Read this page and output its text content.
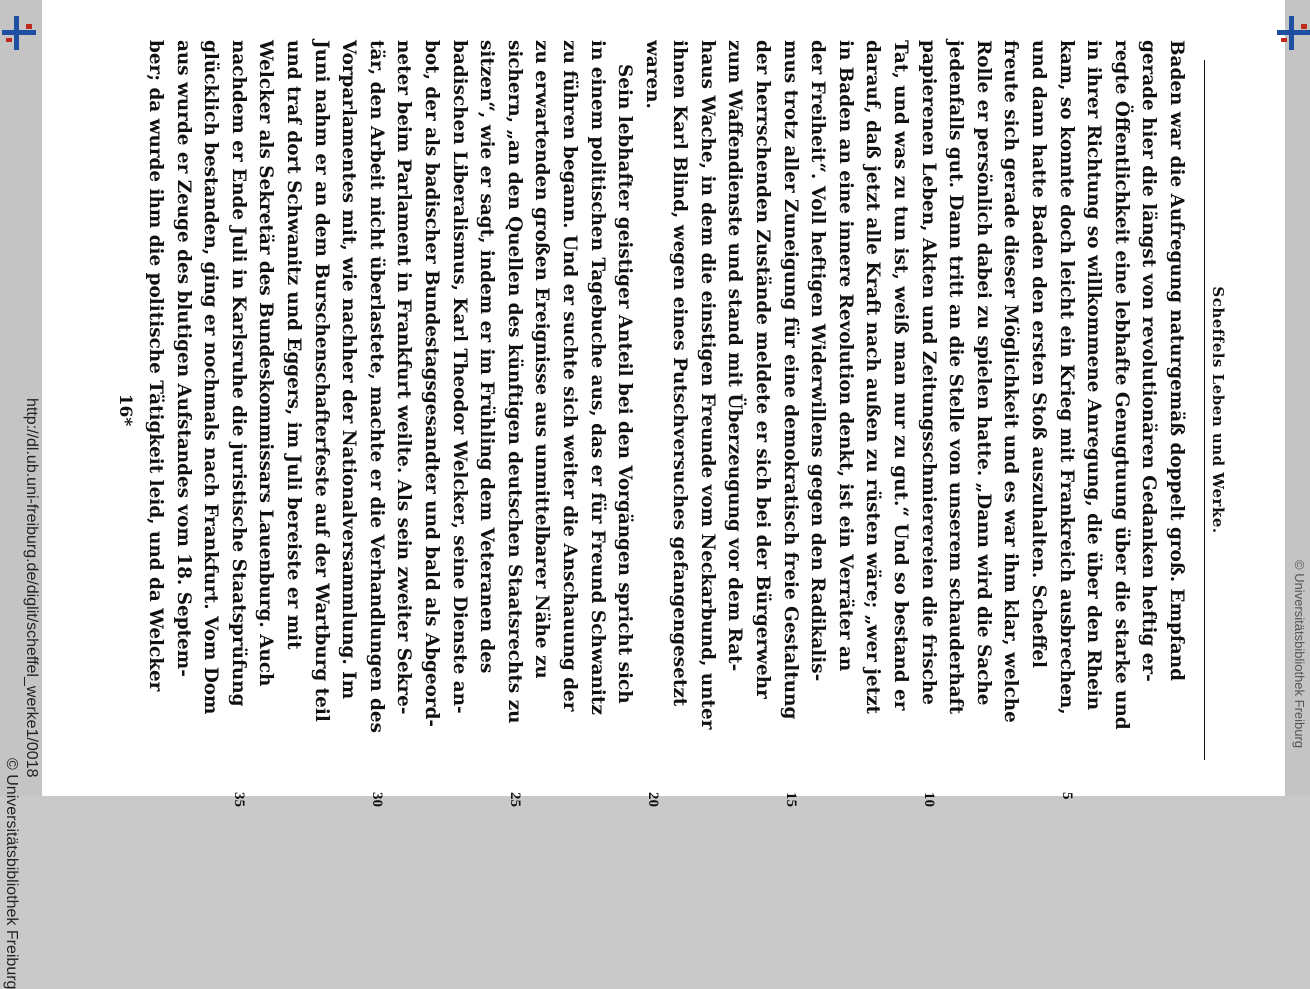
http://dl.ub.uni-freiburg.de/diglit/scheffel_werke1/0018
© Universitätsbibliothek Freiburg
© Universitätsbibliothek Freiburg
Scheffels Leben und Werke.
Baden war die Aufregung naturgemäß doppelt groß. Empfand
gerade hier die längst von revolutionären Gedanken heftig er-
regte Öffentlichkeit eine lebhafte Genugtuung über die starke und
in ihrer Richtung so willkommene Anregung, die über den Rhein
kam, so konnte doch leicht ein Krieg mit Frankreich ausbrechen,
5
und dann hatte Baden den ersten Stoß auszuhalten. Scheffel
freute sich gerade dieser Möglichkeit und es war ihm klar, welche
Rolle er persönlich dabei zu spielen hatte. „Dann wird die Sache
jedenfalls gut. Dann tritt an die Stelle von unserem schauderhaft
papierenen Leben, Akten und Zeitungsschmierereien die frische
10
Tat, und was zu tun ist, weiß man nur zu gut.“ Und so bestand er
darauf, daß jetzt alle Kraft nach außen zu rüsten wäre; „wer jetzt
in Baden an eine innere Revolution denkt, ist ein Verräter an
der Freiheit“. Voll heftigen Widerwillens gegen den Radikalis-
mus trotz aller Zuneigung für eine demokratisch freie Gestaltung
15
der herrschenden Zustände meldete er sich bei der Bürgerwehr
zum Waffendienste und stand mit Überzeugung vor dem Rat-
haus Wache, in dem die einstigen Freunde vom Neckarbund, unter
ihnen Karl Blind, wegen eines Putschversuches gefangengesetzt
waren.
20
Sein lebhafter geistiger Anteil bei den Vorgängen spricht sich
in einem politischen Tagebuche aus, das er für Freund Schwanitz
zu führen begann. Und er suchte sich weiter die Anschauung der
zu erwartenden großen Ereignisse aus unmittelbarer Nähe zu
sichern, „an den Quellen des künftigen deutschen Staatsrechts zu
25
sitzen“, wie er sagt, indem er im Frühling dem Veteranen des
badischen Liberalismus, Karl Theodor Welcker, seine Dienste an-
bot, der als badischer Bundestagsgesandter und bald als Abgeord-
neter beim Parlament in Frankfurt weilte. Als sein zweiter Sekre-
tär, den Arbeit nicht überlastete, machte er die Verhandlungen des
30
Vorparlamentes mit, wie nachher der Nationalversammlung. Im
Juni nahm er an dem Burschenschafterfeste auf der Wartburg teil
und traf dort Schwanitz und Eggers, im Juli bereiste er mit
Welcker als Sekretär des Bundeskommissars Lauenburg. Auch
nachdem er Ende Juli in Karlsruhe die juristische Staatsprüfung
35
glücklich bestanden, ging er nochmals nach Frankfurt. Vom Dom
aus wurde er Zeuge des blutigen Aufstandes vom 18. Septem-
ber; da wurde ihm die politische Tätigkeit leid, und da Welcker
16*
